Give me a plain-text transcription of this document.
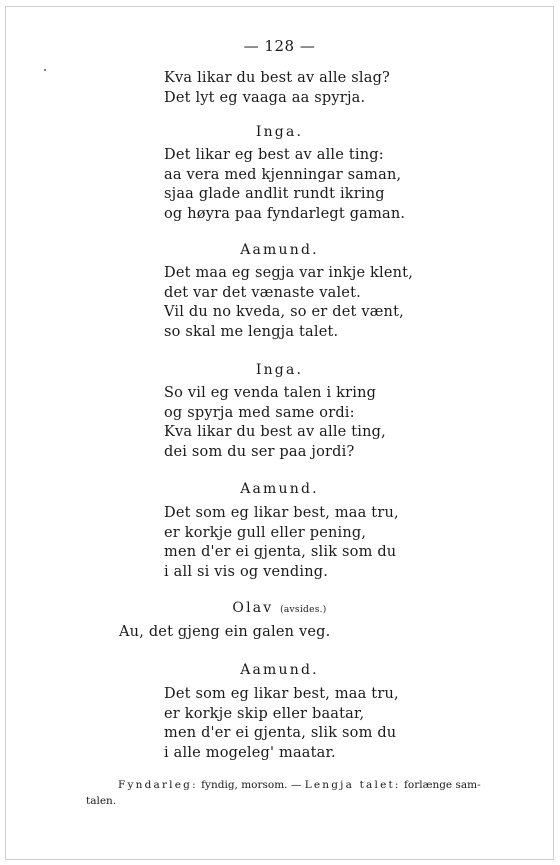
— 128 —
Kva likar du best av alle slag?
Det lyt eg vaaga aa spyrja.
Inga.
Det likar eg best av alle ting:
aa vera med kjenningar saman,
sjaa glade andlit rundt ikring
og høyra paa fyndarlegt gaman.
Aamund.
Det maa eg segja var inkje klent,
det var det vænaste valet.
Vil du no kveda, so er det vænt,
so skal me lengja talet.
Inga.
So vil eg venda talen i kring
og spyrja med same ordi:
Kva likar du best av alle ting,
dei som du ser paa jordi?
Aamund.
Det som eg likar best, maa tru,
er korkje gull eller pening,
men d'er ei gjenta, slik som du
i all si vis og vending.
Olav (avsides.)
Au, det gjeng ein galen veg.
Aamund.
Det som eg likar best, maa tru,
er korkje skip eller baatar,
men d'er ei gjenta, slik som du
i alle mogeleg' maatar.
Fyndarleg: fyndig, morsom. — Lengja talet: forlænge sam-
talen.
